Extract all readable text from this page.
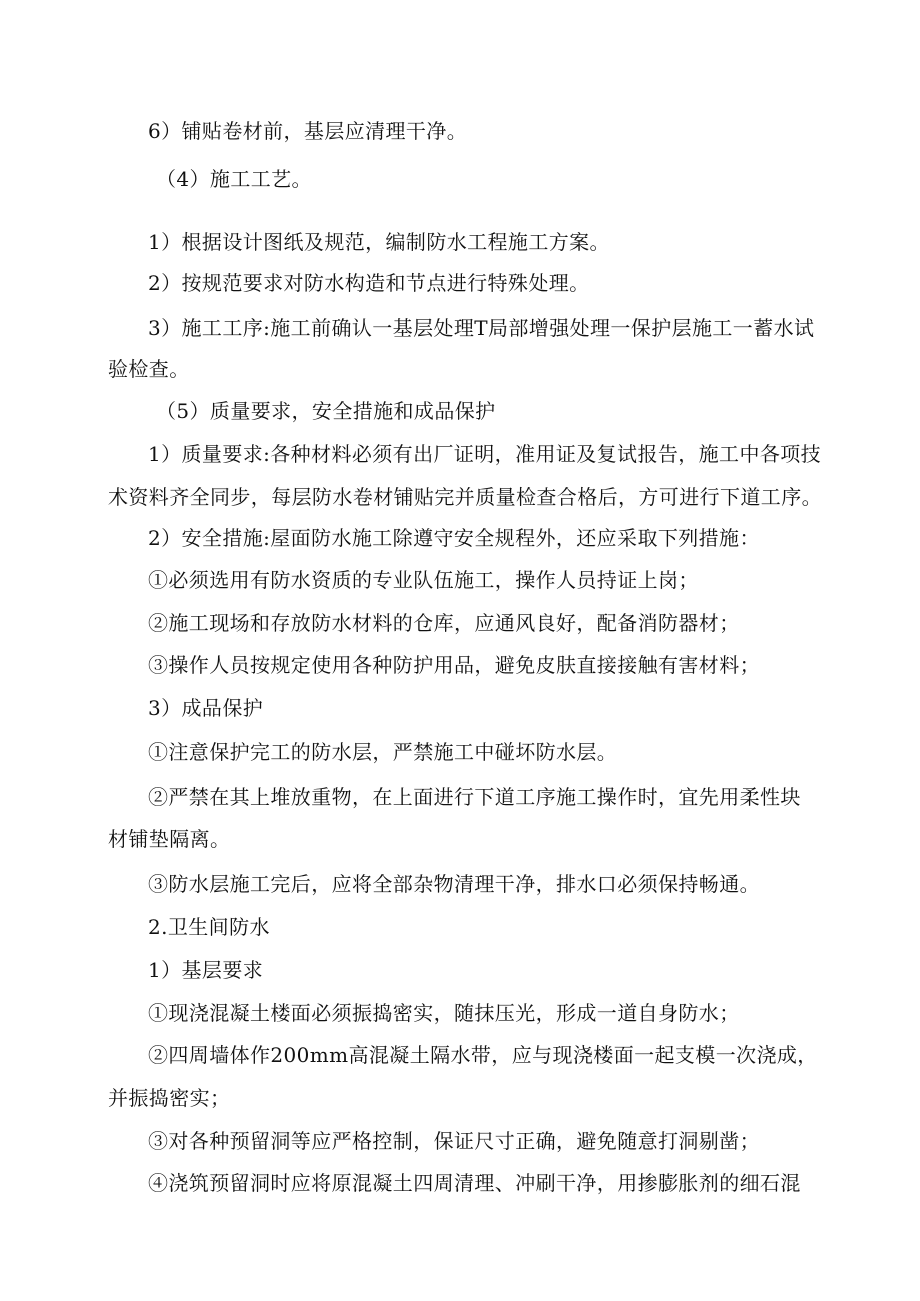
6）铺贴卷材前，基层应清理干净。
（4）施工工艺。
1）根据设计图纸及规范，编制防水工程施工方案。
2）按规范要求对防水构造和节点进行特殊处理。
3）施工工序:施工前确认一基层处理T局部增强处理一保护层施工一蓄水试
验检查。
（5）质量要求，安全措施和成品保护
1）质量要求:各种材料必须有出厂证明，准用证及复试报告，施工中各项技
术资料齐全同步，每层防水卷材铺贴完并质量检查合格后，方可进行下道工序。
2）安全措施:屋面防水施工除遵守安全规程外，还应采取下列措施：
①必须选用有防水资质的专业队伍施工，操作人员持证上岗；
②施工现场和存放防水材料的仓库，应通风良好，配备消防器材；
③操作人员按规定使用各种防护用品，避免皮肤直接接触有害材料；
3）成品保护
①注意保护完工的防水层，严禁施工中碰坏防水层。
②严禁在其上堆放重物，在上面进行下道工序施工操作时，宜先用柔性块
材铺垫隔离。
③防水层施工完后，应将全部杂物清理干净，排水口必须保持畅通。
2.卫生间防水
1）基层要求
①现浇混凝土楼面必须振捣密实，随抹压光，形成一道自身防水；
②四周墙体作200mm高混凝土隔水带，应与现浇楼面一起支模一次浇成，
并振捣密实；
③对各种预留洞等应严格控制，保证尺寸正确，避免随意打洞剔凿；
④浇筑预留洞时应将原混凝土四周清理、冲刷干净，用掺膨胀剂的细石混
